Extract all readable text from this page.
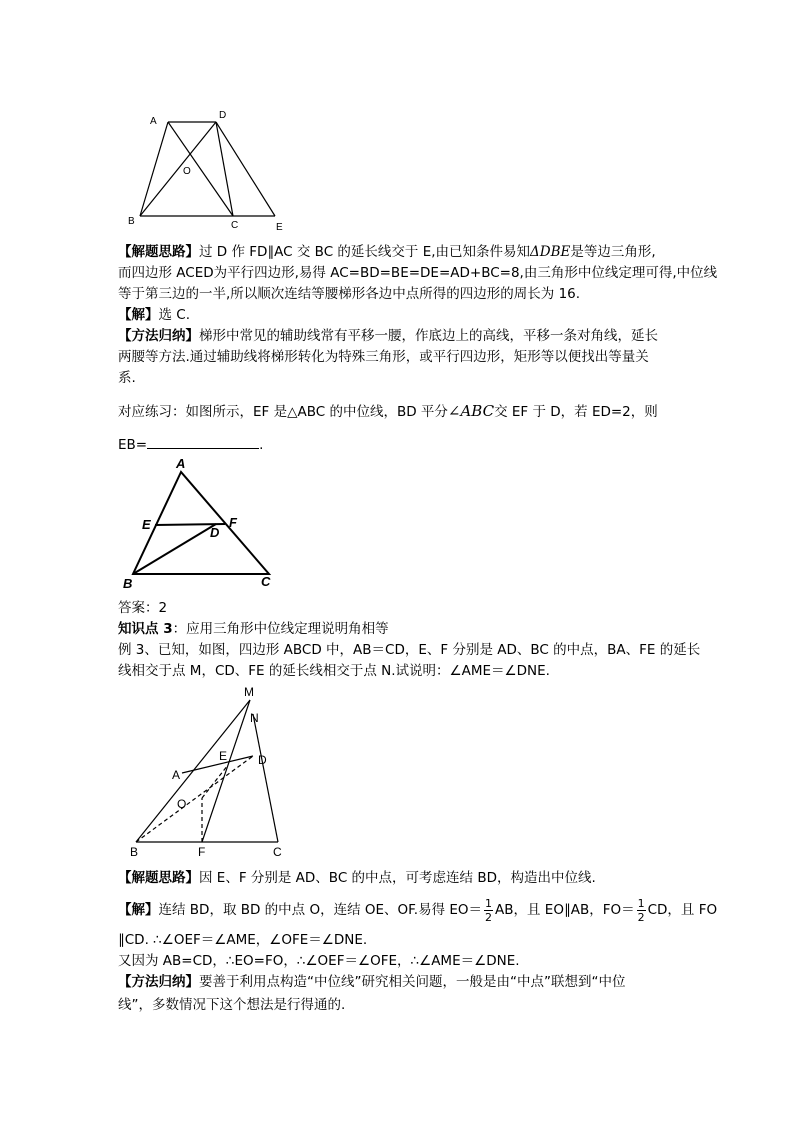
A
D
O
B	C	E
【解题思路】过 D 作 FD∥AC 交 BC 的延长线交于 E,由已知条件易知ΔDBE是等边三角形,
而四边形 ACED为平行四边形,易得 AC=BD=BE=DE=AD+BC=8,由三角形中位线定理可得,中位线
等于第三边的一半,所以顺次连结等腰梯形各边中点所得的四边形的周长为 16.
【解】选 C.
【方法归纳】梯形中常见的辅助线常有平移一腰，作底边上的高线，平移一条对角线，延长
两腰等方法.通过辅助线将梯形转化为特殊三角形，或平行四边形，矩形等以便找出等量关
系.
对应练习：如图所示，EF 是△ABC 的中位线，BD 平分∠ABC交 EF 于 D，若 ED=2，则
EB=	.
A
E	F
D
B	C
答案：2
知识点 3：应用三角形中位线定理说明角相等
例 3、已知，如图，四边形 ABCD 中，AB＝CD，E、F 分别是 AD、BC 的中点，BA、FE 的延长
线相交于点 M，CD、FE 的延长线相交于点 N.试说明：∠AME＝∠DNE.
M
N
E	D
A
O
B	F	C
【解题思路】因 E、F 分别是 AD、BC 的中点，可考虑连结 BD，构造出中位线.
【解】连结 BD，取 BD 的中点 O，连结 OE、OF.易得 $EO= \frac{1}{2}$ AB，且 EO∥AB，$FO= \frac{1}{2}$ CD，且 FO
∥CD. ∴∠OEF＝∠AME，∠OFE＝∠DNE.
又因为 AB=CD，∴EO=FO，∴∠OEF＝∠OFE，∴∠AME＝∠DNE.
【方法归纳】要善于利用点构造“中位线”研究相关问题，一般是由“中点”联想到“中位
线”，多数情况下这个想法是行得通的.
